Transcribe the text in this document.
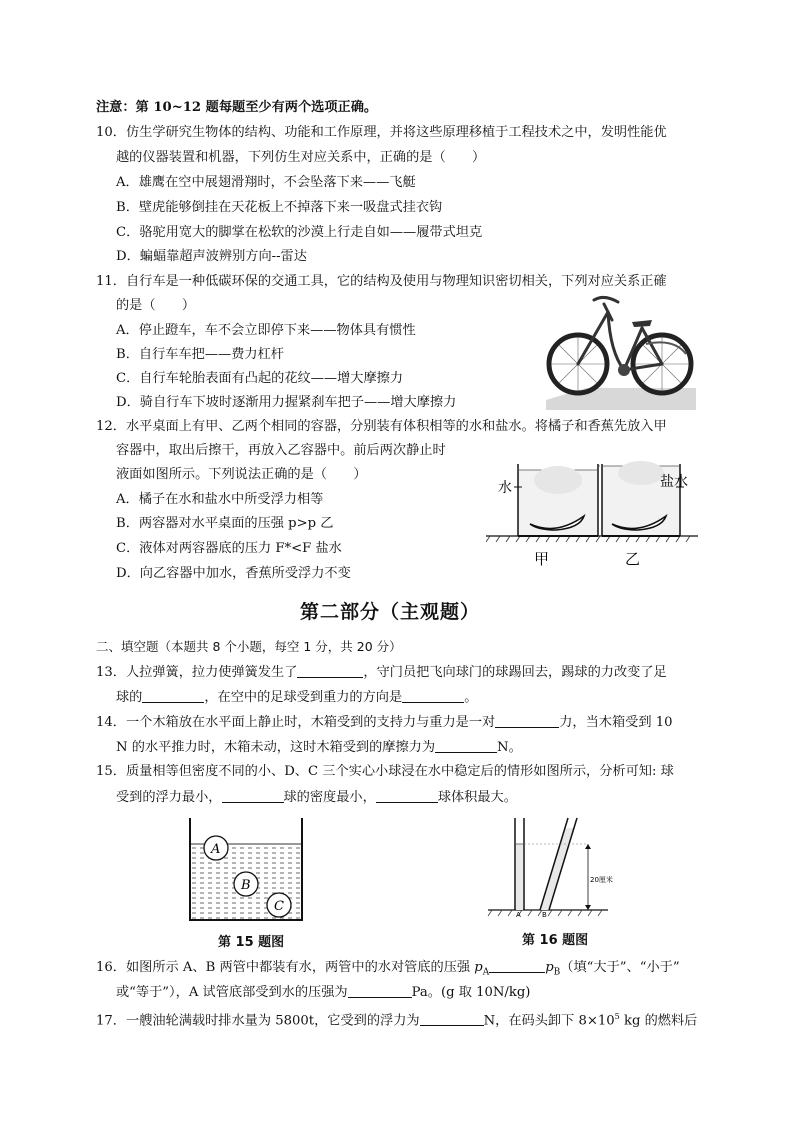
注意：第 10~12 题每题至少有两个选项正确。
10．仿生学研究生物体的结构、功能和工作原理，并将这些原理移植于工程技术之中，发明性能优
越的仪器装置和机器，下列仿生对应关系中，正确的是（　　）
A．雄鹰在空中展翅滑翔时，不会坠落下来——飞艇
B．壁虎能够倒挂在天花板上不掉落下来一吸盘式挂衣钩
C．骆驼用宽大的脚掌在松软的沙漠上行走自如——履带式坦克
D．蝙蝠靠超声波辨别方向--雷达
11．自行车是一种低碳环保的交通工具，它的结构及使用与物理知识密切相关，下列对应关系正確
的是（　　）
A．停止蹬车，车不会立即停下来——物体具有惯性
B．自行车车把——费力杠杆
C．自行车轮胎表面有凸起的花纹——增大摩擦力
D．骑自行车下坡时逐渐用力握紧刹车把子——增大摩擦力
12．水平桌面上有甲、乙两个相同的容器，分别装有体积相等的水和盐水。将橘子和香蕉先放入甲
容器中，取出后擦干，再放入乙容器中。前后两次静止时
液面如图所示。下列说法正确的是（　　）
A．橘子在水和盐水中所受浮力相等
B．两容器对水平桌面的压强 p>p 乙
C．液体对两容器底的压力 F*<F 盐水
D．向乙容器中加水，香蕉所受浮力不变
水	盐水
甲	乙
第二部分（主观题）
二、填空题（本题共 8 个小题，每空 1 分，共 20 分）
13．人拉弹簧，拉力使弹簧发生了	，守门员把飞向球门的球踢回去，踢球的力改变了足
球的	，在空中的足球受到重力的方向是	。
14．一个木箱放在水平面上静止时，木箱受到的支持力与重力是一对	力，当木箱受到 10
N 的水平推力时，木箱未动，这时木箱受到的摩擦力为	N。
15．质量相等但密度不同的小、D、C 三个实心小球浸在水中稳定后的情形如图所示，分析可知: 球
受到的浮力最小，	球的密度最小，	球体积最大。
A
B
C
第 15 题图
20厘米
A	B
第 16 题图
16．如图所示 A、B 两管中都装有水，两管中的水对管底的压强 $p_A$	$p_B$（填“大于”、“小于”
或“等于”），A 试管底部受到水的压强为	Pa。(g 取 10N/kg)
17．一艘油轮满载时排水量为 5800t，它受到的浮力为	N，在码头卸下 $8\times 10^5$ kg 的燃料后
